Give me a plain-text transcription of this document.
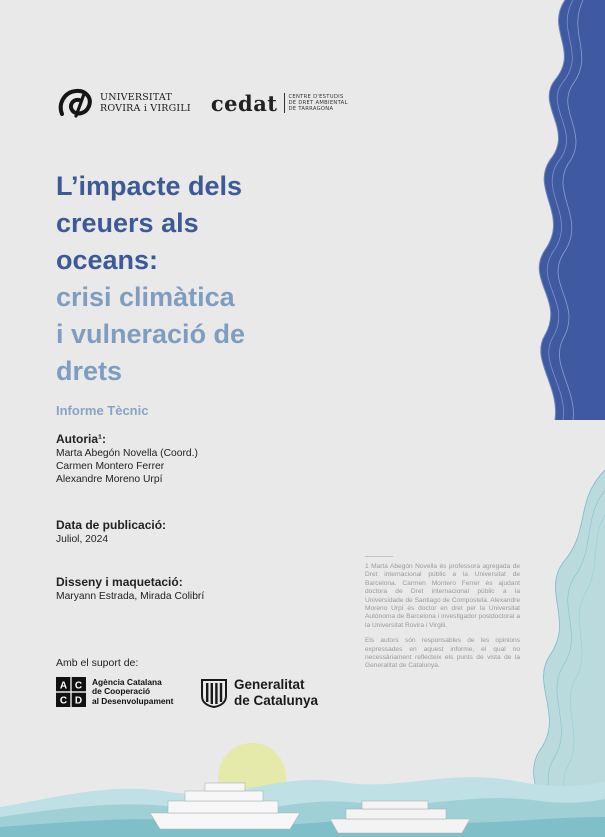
UNIVERSITAT
ROVIRA i VIRGILI cedat CENTRE D'ESTUDIS
DE DRET AMBIENTAL
DE TARRAGONA
L’impacte dels
creuers als
oceans:
crisi climàtica
i vulneració de
drets
Informe Tècnic
Autoria¹:
Marta Abegón Novella (Coord.)
Carmen Montero Ferrer
Alexandre Moreno Urpí
Data de publicació:
Juliol, 2024
Disseny i maquetació:
Maryann Estrada, Mirada Colibrí

1 Marta Abegón Novella és professora agregada de Dret internacional públic a la Universitat de Barcelona. Carmen Montero Ferrer és ajudant doctora de Dret internacional públic a la Universidade de Santiago de Compostela. Alexandre Moreno Urpí és doctor en dret per la Universitat Autònoma de Barcelona i investigador postdoctoral a la Universitat Rovira i Virgili.

Els autors són responsables de les opinions expressades en aquest informe, el qual no necessàriament reflecteix els punts de vista de la Generalitat de Catalunya.

Amb el suport de:
A C
C D
Agència Catalana
de Cooperació
al Desenvolupament
Generalitat
de Catalunya
